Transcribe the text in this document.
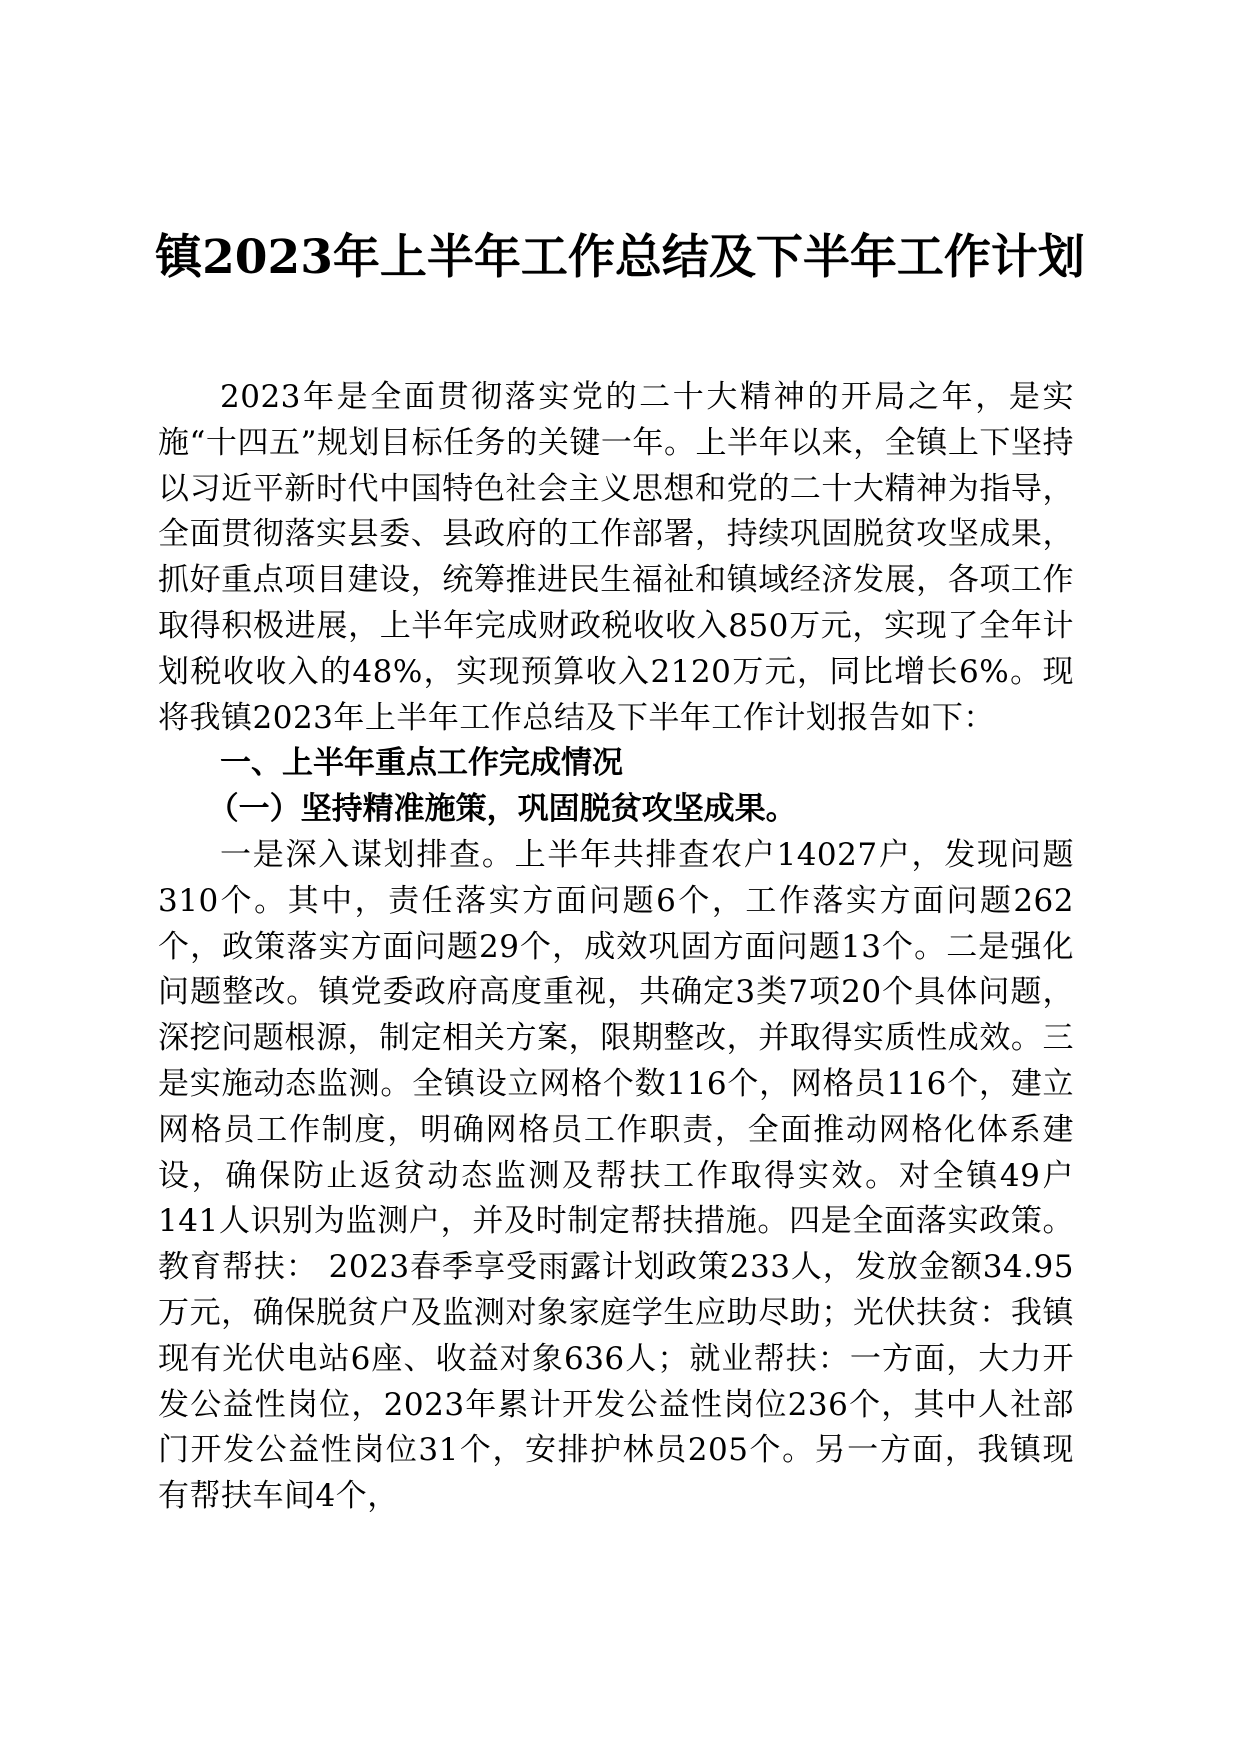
镇2023年上半年工作总结及下半年工作计划

2023年是全面贯彻落实党的二十大精神的开局之年，是实施“十四五”规划目标任务的关键一年。上半年以来，全镇上下坚持以习近平新时代中国特色社会主义思想和党的二十大精神为指导，全面贯彻落实县委、县政府的工作部署，持续巩固脱贫攻坚成果，抓好重点项目建设，统筹推进民生福祉和镇域经济发展，各项工作取得积极进展，上半年完成财政税收收入850万元，实现了全年计划税收收入的48%，实现预算收入2120万元，同比增长6%。现将我镇2023年上半年工作总结及下半年工作计划报告如下：

一、上半年重点工作完成情况

（一）坚持精准施策，巩固脱贫攻坚成果。

一是深入谋划排查。上半年共排查农户14027户，发现问题310个。其中，责任落实方面问题6个，工作落实方面问题262个，政策落实方面问题29个，成效巩固方面问题13个。二是强化问题整改。镇党委政府高度重视，共确定3类7项20个具体问题，深挖问题根源，制定相关方案，限期整改，并取得实质性成效。三是实施动态监测。全镇设立网格个数116个，网格员116个，建立网格员工作制度，明确网格员工作职责，全面推动网格化体系建设，确保防止返贫动态监测及帮扶工作取得实效。对全镇49户141人识别为监测户，并及时制定帮扶措施。四是全面落实政策。教育帮扶： 2023春季享受雨露计划政策233人，发放金额34.95万元，确保脱贫户及监测对象家庭学生应助尽助；光伏扶贫：我镇现有光伏电站6座、收益对象636人；就业帮扶：一方面，大力开发公益性岗位，2023年累计开发公益性岗位236个，其中人社部门开发公益性岗位31个，安排护林员205个。另一方面，我镇现有帮扶车间4个，
